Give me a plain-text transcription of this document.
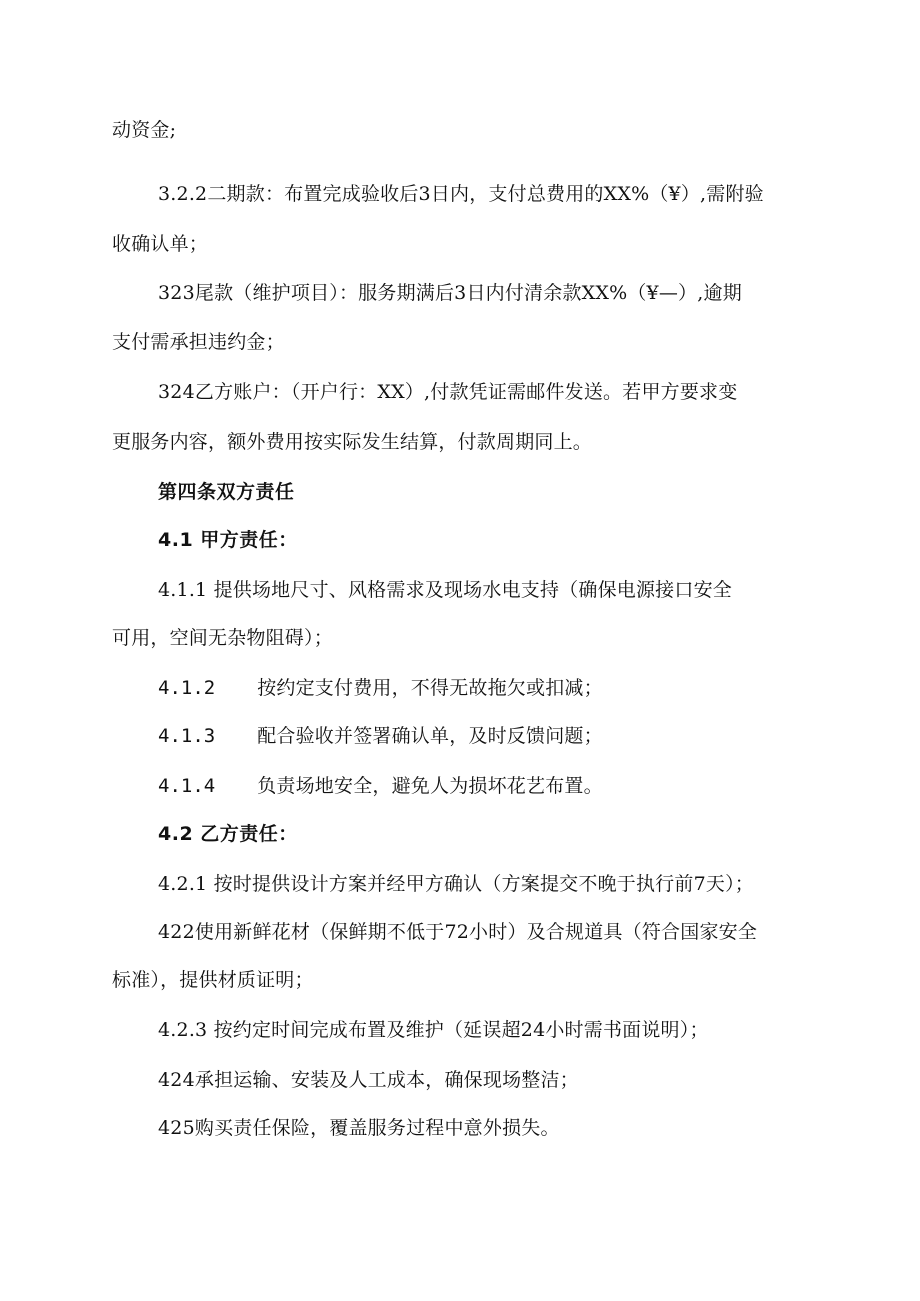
动资金;
3.2.2二期款：布置完成验收后3日内，支付总费用的XX%（¥）,需附验
收确认单；
323尾款（维护项目）：服务期满后3日内付清余款XX%（¥—）,逾期
支付需承担违约金；
324乙方账户：（开户行：XX）,付款凭证需邮件发送。若甲方要求变
更服务内容，额外费用按实际发生结算，付款周期同上。
第四条双方责任
4.1 甲方责任：
4.1.1 提供场地尺寸、风格需求及现场水电支持（确保电源接口安全
可用，空间无杂物阻碍）；
4.1.2 按约定支付费用，不得无故拖欠或扣减；
4.1.3 配合验收并签署确认单，及时反馈问题；
4.1.4 负责场地安全，避免人为损坏花艺布置。
4.2 乙方责任：
4.2.1 按时提供设计方案并经甲方确认（方案提交不晚于执行前7天）；
422使用新鲜花材（保鲜期不低于72小时）及合规道具（符合国家安全
标准），提供材质证明；
4.2.3 按约定时间完成布置及维护（延误超24小时需书面说明）；
424承担运输、安装及人工成本，确保现场整洁；
425购买责任保险，覆盖服务过程中意外损失。
